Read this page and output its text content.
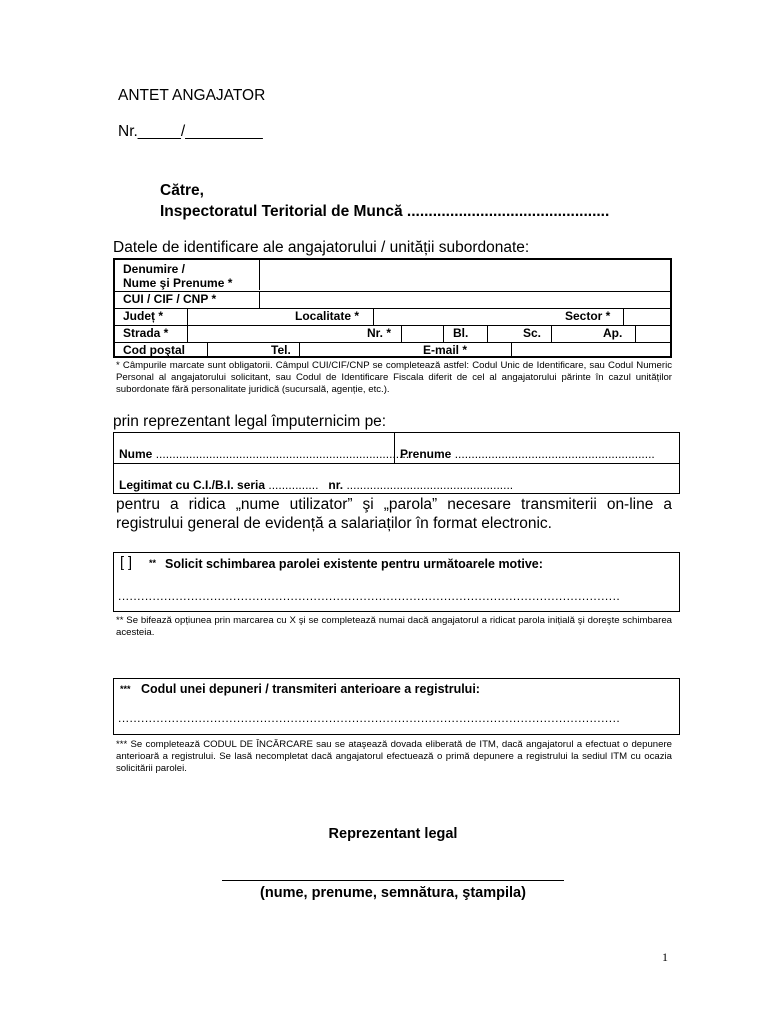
ANTET ANGAJATOR
Nr._____/_________
Către,
Inspectoratul Teritorial de Muncă ...............................................
Datele de identificare ale angajatorului / unității subordonate:
Denumire /
Nume şi Prenume *
CUI / CIF / CNP *
Județ *	Localitate *	Sector *
Strada *	Nr. *	Bl.	Sc.	Ap.
Cod poştal	Tel.	E-mail *
* Câmpurile marcate sunt obligatorii. Câmpul CUI/CIF/CNP se completează astfel: Codul Unic de Identificare, sau Codul Numeric Personal al angajatorului solicitant, sau Codul de Identificare Fiscala diferit de cel al angajatorului părinte în cazul unităților subordonate fără personalitate juridică (sucursală, agenție, etc.).
prin reprezentant legal împuternicim pe:
Nume ............................................................................
Prenume ............................................................
Legitimat cu C.I./B.I. seria ............... nr. ..................................................
pentru a ridica „nume utilizator” şi „parola” necesare transmiterii on-line a
registrului general de evidență a salariaților în format electronic.
[ ] ** Solicit schimbarea parolei existente pentru următoarele motive:
...................................................................................................................................
** Se bifează opțiunea prin marcarea cu X şi se completează numai dacă angajatorul a ridicat parola inițială şi doreşte schimbarea acesteia.
*** Codul unei depuneri / transmiteri anterioare a registrului:
...................................................................................................................................
*** Se completează CODUL DE ÎNCĂRCARE sau se ataşează dovada eliberată de ITM, dacă angajatorul a efectuat o depunere anterioară a registrului. Se lasă necompletat dacă angajatorul efectuează o primă depunere a registrului la sediul ITM cu ocazia solicitării parolei.
Reprezentant legal
(nume, prenume, semnătura, ştampila)
1
